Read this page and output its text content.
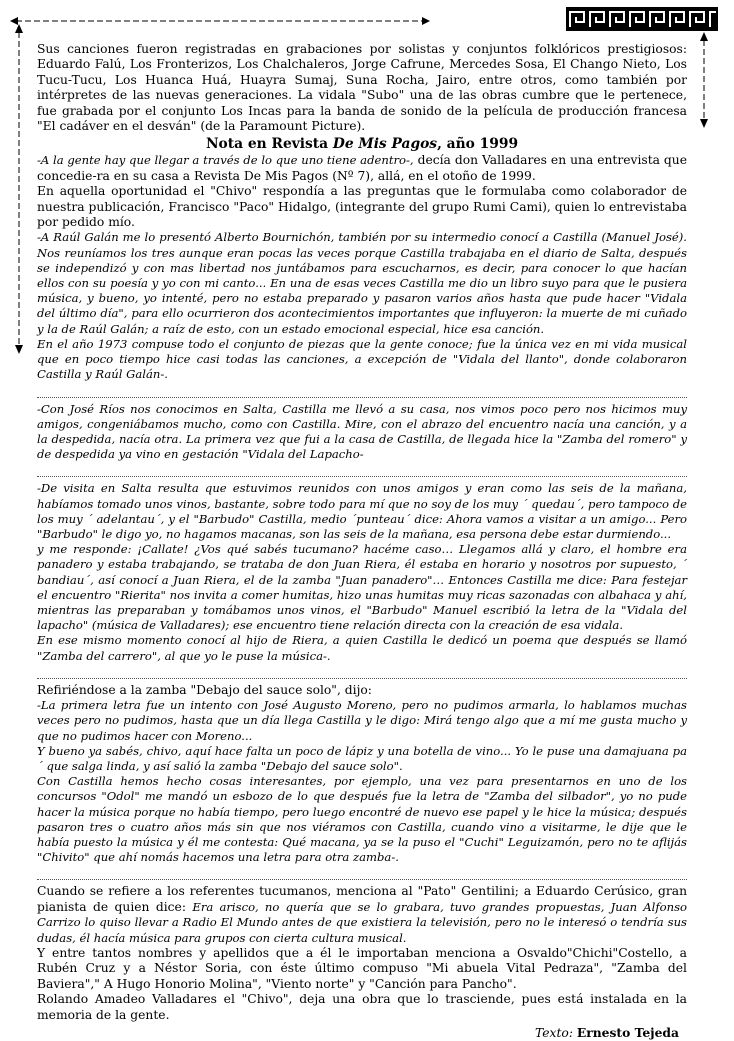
Sus canciones fueron registradas en grabaciones por solistas y conjuntos folklóricos prestigiosos: Eduardo Falú, Los Fronterizos, Los Chalchaleros, Jorge Cafrune, Mercedes Sosa, El Chango Nieto, Los Tucu-Tucu, Los Huanca Huá, Huayra Sumaj, Suna Rocha, Jairo, entre otros, como también por intérpretes de las nuevas generaciones. La vidala "Subo" una de las obras cumbre que le pertenece, fue grabada por el conjunto Los Incas para la banda de sonido de la película de producción francesa "El cadáver en el desván" (de la Paramount Picture).

Nota en Revista De Mis Pagos, año 1999

-A la gente hay que llegar a través de lo que uno tiene adentro-, decía don Valladares en una entrevista que concedie-ra en su casa a Revista De Mis Pagos (Nº 7), allá, en el otoño de 1999.

En aquella oportunidad el "Chivo" respondía a las preguntas que le formulaba como colaborador de nuestra publicación, Francisco "Paco" Hidalgo, (integrante del grupo Rumi Cami), quien lo entrevistaba por pedido mío.

-A Raúl Galán me lo presentó Alberto Bournichón, también por su intermedio conocí a Castilla (Manuel José). Nos reuníamos los tres aunque eran pocas las veces porque Castilla trabajaba en el diario de Salta, después se independizó y con mas libertad nos juntábamos para escucharnos, es decir, para conocer lo que hacían ellos con su poesía y yo con mi canto... En una de esas veces Castilla me dio un libro suyo para que le pusiera música, y bueno, yo intenté, pero no estaba preparado y pasaron varios años hasta que pude hacer "Vidala del último día", para ello ocurrieron dos acontecimientos importantes que influyeron: la muerte de mi cuñado y la de Raúl Galán; a raíz de esto, con un estado emocional especial, hice esa canción.

En el año 1973 compuse todo el conjunto de piezas que la gente conoce; fue la única vez en mi vida musical que en poco tiempo hice casi todas las canciones, a excepción de "Vidala del llanto", donde colaboraron Castilla y Raúl Galán-.

-Con José Ríos nos conocimos en Salta, Castilla me llevó a su casa, nos vimos poco pero nos hicimos muy amigos, congeniábamos mucho, como con Castilla. Mire, con el abrazo del encuentro nacía una canción, y a la despedida, nacía otra. La primera vez que fui a la casa de Castilla, de llegada hice la "Zamba del romero" y de despedida ya vino en gestación "Vidala del Lapacho-

-De visita en Salta resulta que estuvimos reunidos con unos amigos y eran como las seis de la mañana, habíamos tomado unos vinos, bastante, sobre todo para mí que no soy de los muy ´ quedau´, pero tampoco de los muy ´ adelantau´, y el "Barbudo" Castilla, medio ´punteau´ dice: Ahora vamos a visitar a un amigo... Pero "Barbudo" le digo yo, no hagamos macanas, son las seis de la mañana, esa persona debe estar durmiendo...

y me responde: ¡Callate! ¿Vos qué sabés tucumano? hacéme caso… Llegamos allá y claro, el hombre era panadero y estaba trabajando, se trataba de don Juan Riera, él estaba en horario y nosotros por supuesto, ´ bandiau´, así conocí a Juan Riera, el de la zamba "Juan panadero"… Entonces Castilla me dice: Para festejar el encuentro "Rierita" nos invita a comer humitas, hizo unas humitas muy ricas sazonadas con albahaca y ahí, mientras las preparaban y tomábamos unos vinos, el "Barbudo" Manuel escribió la letra de la "Vidala del lapacho" (música de Valladares); ese encuentro tiene relación directa con la creación de esa vidala.

En ese mismo momento conocí al hijo de Riera, a quien Castilla le dedicó un poema que después se llamó "Zamba del carrero", al que yo le puse la música-.

Refiriéndose a la zamba "Debajo del sauce solo", dijo:

-La primera letra fue un intento con José Augusto Moreno, pero no pudimos armarla, lo hablamos muchas veces pero no pudimos, hasta que un día llega Castilla y le digo: Mirá tengo algo que a mí me gusta mucho y que no pudimos hacer con Moreno...

Y bueno ya sabés, chivo, aquí hace falta un poco de lápiz y una botella de vino... Yo le puse una damajuana pa´ que salga linda, y así salió la zamba "Debajo del sauce solo".

Con Castilla hemos hecho cosas interesantes, por ejemplo, una vez para presentarnos en uno de los concursos "Odol" me mandó un esbozo de lo que después fue la letra de "Zamba del silbador", yo no pude hacer la música porque no había tiempo, pero luego encontré de nuevo ese papel y le hice la música; después pasaron tres o cuatro años más sin que nos viéramos con Castilla, cuando vino a visitarme, le dije que le había puesto la música y él me contesta: Qué macana, ya se la puso el "Cuchi" Leguizamón, pero no te aflijás "Chivito" que ahí nomás hacemos una letra para otra zamba-.

Cuando se refiere a los referentes tucumanos, menciona al "Pato" Gentilini; a Eduardo Cerúsico, gran pianista de quien dice: Era arisco, no quería que se lo grabara, tuvo grandes propuestas, Juan Alfonso Carrizo lo quiso llevar a Radio El Mundo antes de que existiera la televisión, pero no le interesó o tendría sus dudas, él hacía música para grupos con cierta cultura musical.

Y entre tantos nombres y apellidos que a él le importaban menciona a Osvaldo"Chichi"Costello, a Rubén Cruz y a Néstor Soria, con éste último compuso "Mi abuela Vital Pedraza", "Zamba del Baviera"," A Hugo Honorio Molina", "Viento norte" y "Canción para Pancho".

Rolando Amadeo Valladares el "Chivo", deja una obra que lo trasciende, pues está instalada en la memoria de la gente.

Texto: Ernesto Tejeda
